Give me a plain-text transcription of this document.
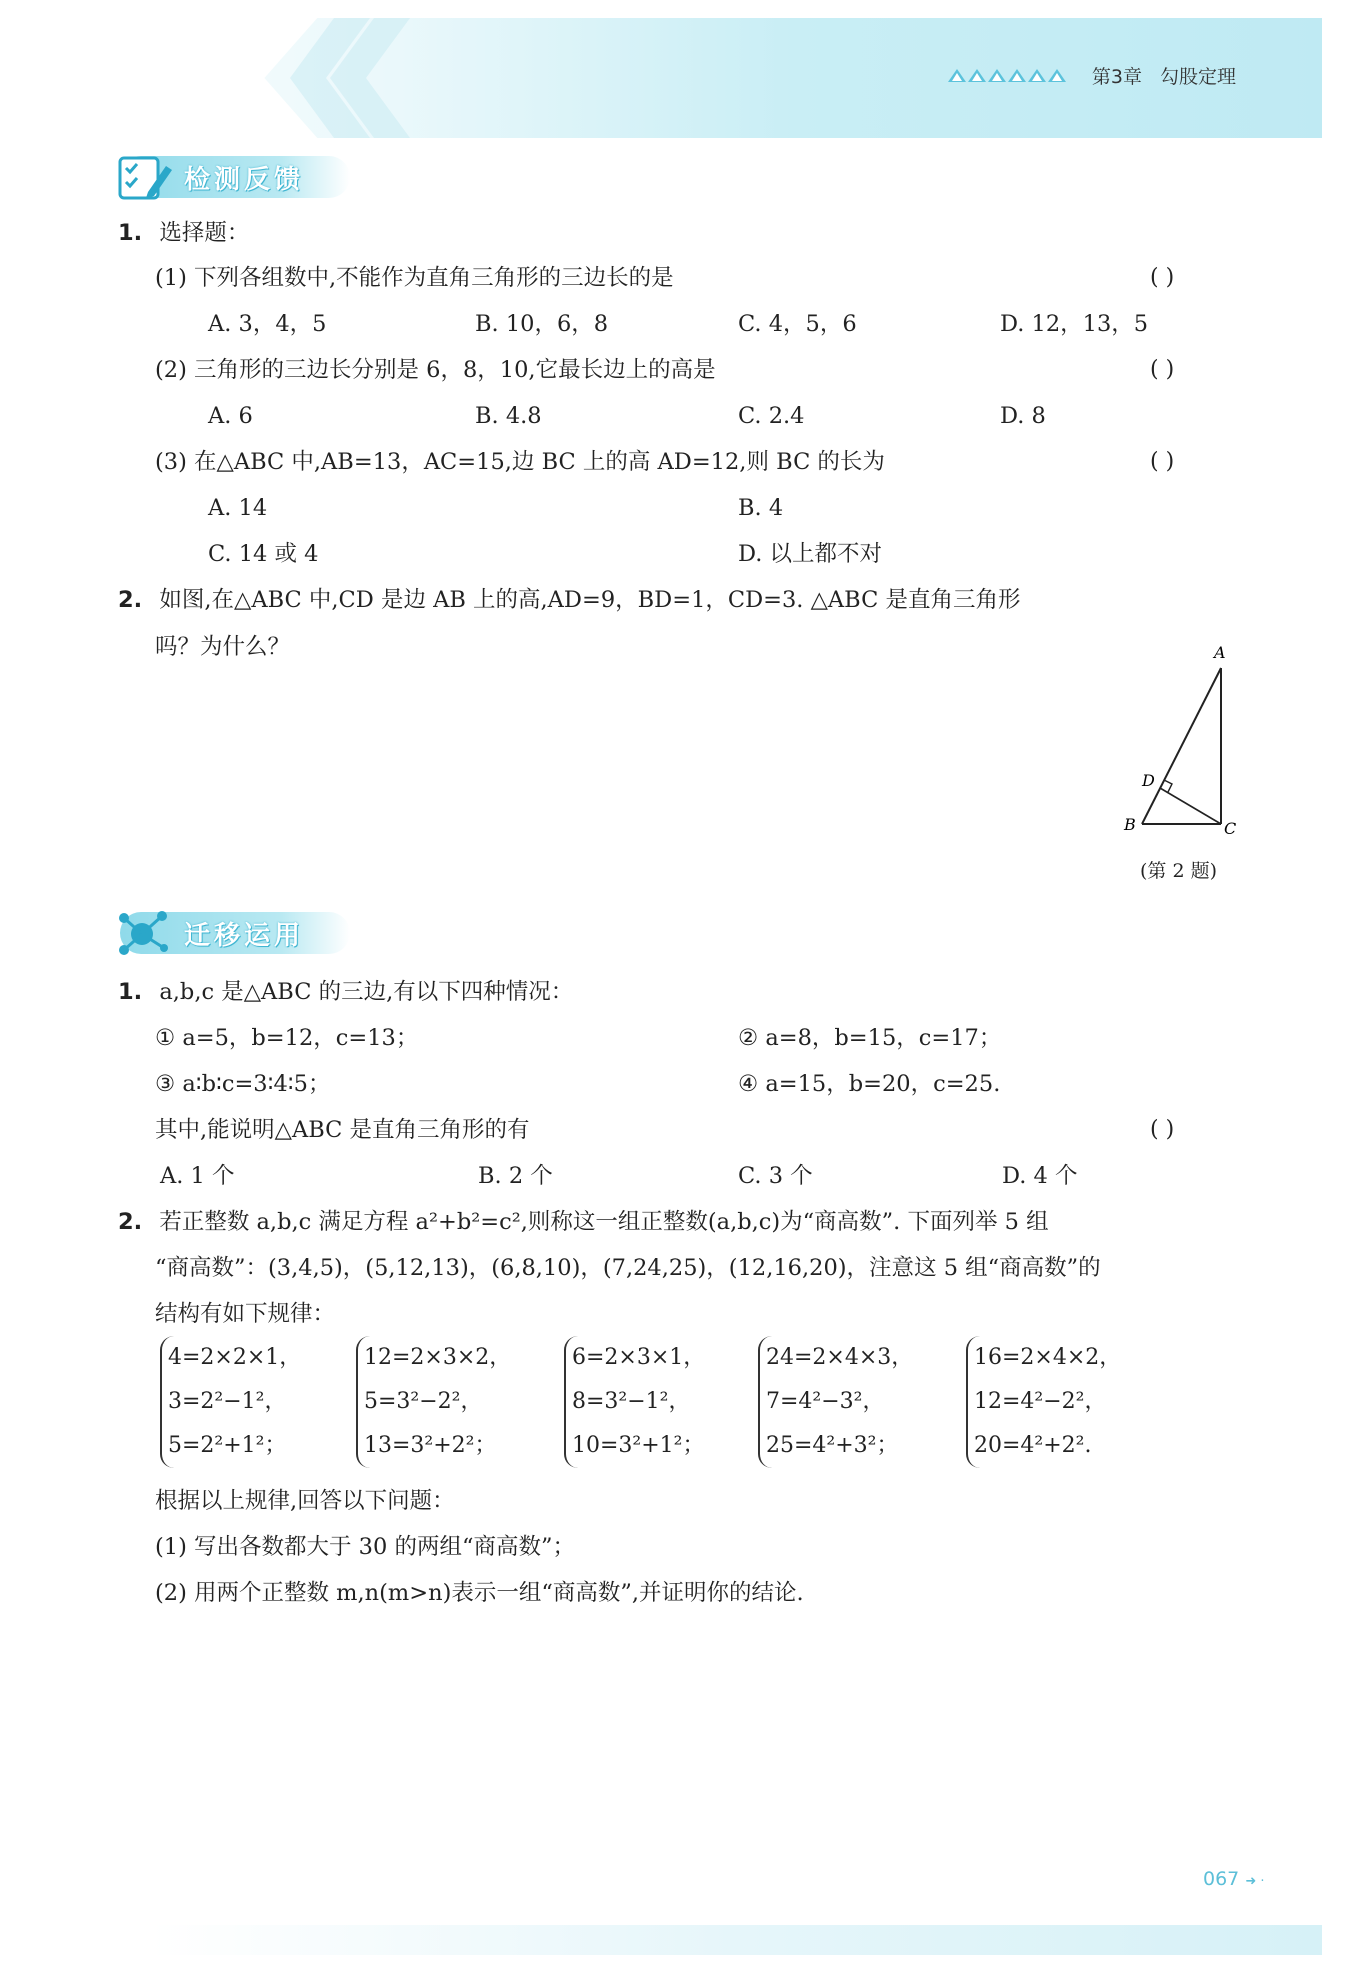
第3章 勾股定理
检测反馈
1. 选择题：
(1) 下列各组数中,不能作为直角三角形的三边长的是	( )
A. 3，4，5	B. 10，6，8	C. 4，5，6	D. 12，13，5
(2) 三角形的三边长分别是 6，8，10,它最长边上的高是	( )
A. 6	B. 4.8	C. 2.4	D. 8
(3) 在△ABC 中,AB=13，AC=15,边 BC 上的高 AD=12,则 BC 的长为	( )
A. 14	B. 4
C. 14 或 4	D. 以上都不对
2. 如图,在△ABC 中,CD 是边 AB 上的高,AD=9，BD=1，CD=3. △ABC 是直角三角形
吗？为什么？	A
D
B	C
(第 2 题)
迁移运用
1. a,b,c 是△ABC 的三边,有以下四种情况：
① a=5，b=12，c=13；	② a=8，b=15，c=17；
③ a∶b∶c=3∶4∶5；	④ a=15，b=20，c=25.
其中,能说明△ABC 是直角三角形的有	( )
A. 1 个	B. 2 个	C. 3 个	D. 4 个
2. 若正整数 a,b,c 满足方程 a²+b²=c²,则称这一组正整数(a,b,c)为“商高数”. 下面列举 5 组
“商高数”：(3,4,5)，(5,12,13)，(6,8,10)，(7,24,25)，(12,16,20)，注意这 5 组“商高数”的
结构有如下规律：
4=2×2×1，
3=2²−1²，
5=2²+1²；
12=2×3×2，
5=3²−2²，
13=3²+2²；
6=2×3×1，
8=3²−1²，
10=3²+1²；
24=2×4×3，
7=4²−3²，
25=4²+3²；
16=2×4×2，
12=4²−2²，
20=4²+2².
根据以上规律,回答以下问题：
(1) 写出各数都大于 30 的两组“商高数”；
(2) 用两个正整数 m,n(m>n)表示一组“商高数”,并证明你的结论.
067 ➜ ·
